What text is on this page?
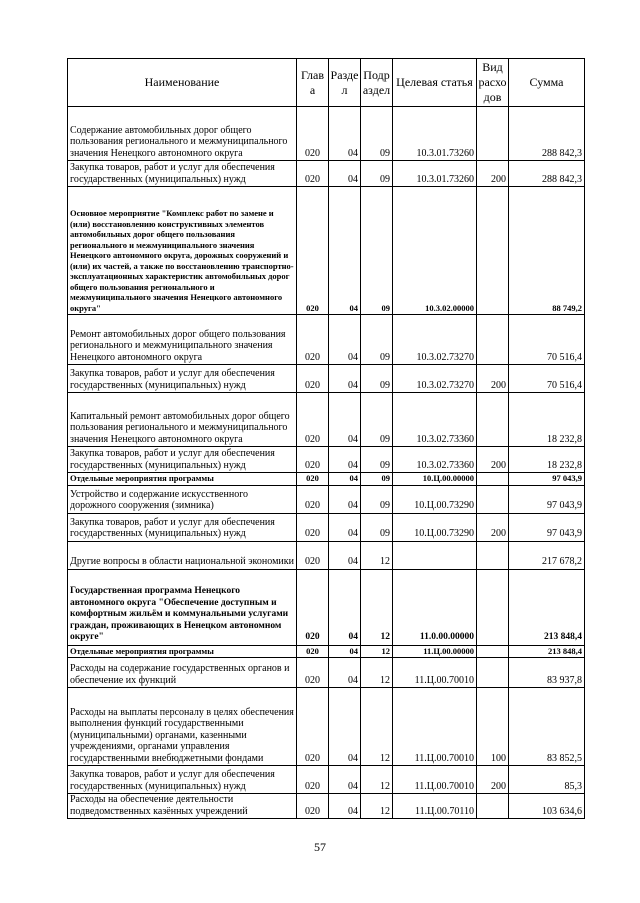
Наименование	Глав а	Разде л	Подр аздел	Целевая статья	Вид расхо дов	Сумма
Содержание автомобильных дорог общего пользования регионального и межмуниципального значения Ненецкого автономного округа	020	04	09	10.3.01.73260		288 842,3
Закупка товаров, работ и услуг для обеспечения государственных (муниципальных) нужд	020	04	09	10.3.01.73260	200	288 842,3
Основное мероприятие "Комплекс работ по замене и (или) восстановлению конструктивных элементов автомобильных дорог общего пользования регионального и межмуниципального значения Ненецкого автономного округа, дорожных сооружений и (или) их частей, а также по восстановлению транспортно-эксплуатационных характеристик автомобильных дорог общего пользования регионального и межмуниципального значения Ненецкого автономного округа"	020	04	09	10.3.02.00000		88 749,2
Ремонт автомобильных дорог общего пользования регионального и межмуниципального значения Ненецкого автономного округа	020	04	09	10.3.02.73270		70 516,4
Закупка товаров, работ и услуг для обеспечения государственных (муниципальных) нужд	020	04	09	10.3.02.73270	200	70 516,4
Капитальный ремонт автомобильных дорог общего пользования регионального и межмуниципального значения Ненецкого автономного округа	020	04	09	10.3.02.73360		18 232,8
Закупка товаров, работ и услуг для обеспечения государственных (муниципальных) нужд	020	04	09	10.3.02.73360	200	18 232,8
Отдельные мероприятия программы	020	04	09	10.Ц.00.00000		97 043,9
Устройство и содержание искусственного дорожного сооружения (зимника)	020	04	09	10.Ц.00.73290		97 043,9
Закупка товаров, работ и услуг для обеспечения государственных (муниципальных) нужд	020	04	09	10.Ц.00.73290	200	97 043,9
Другие вопросы в области национальной экономики	020	04	12			217 678,2
Государственная программа Ненецкого автономного округа "Обеспечение доступным и комфортным жильём и коммунальными услугами граждан, проживающих в Ненецком автономном округе"	020	04	12	11.0.00.00000		213 848,4
Отдельные мероприятия программы	020	04	12	11.Ц.00.00000		213 848,4
Расходы на содержание государственных органов и обеспечение их функций	020	04	12	11.Ц.00.70010		83 937,8
Расходы на выплаты персоналу в целях обеспечения выполнения функций государственными (муниципальными) органами, казенными учреждениями, органами управления государственными внебюджетными фондами	020	04	12	11.Ц.00.70010	100	83 852,5
Закупка товаров, работ и услуг для обеспечения государственных (муниципальных) нужд	020	04	12	11.Ц.00.70010	200	85,3
Расходы на обеспечение деятельности подведомственных казённых учреждений	020	04	12	11.Ц.00.70110		103 634,6
57
